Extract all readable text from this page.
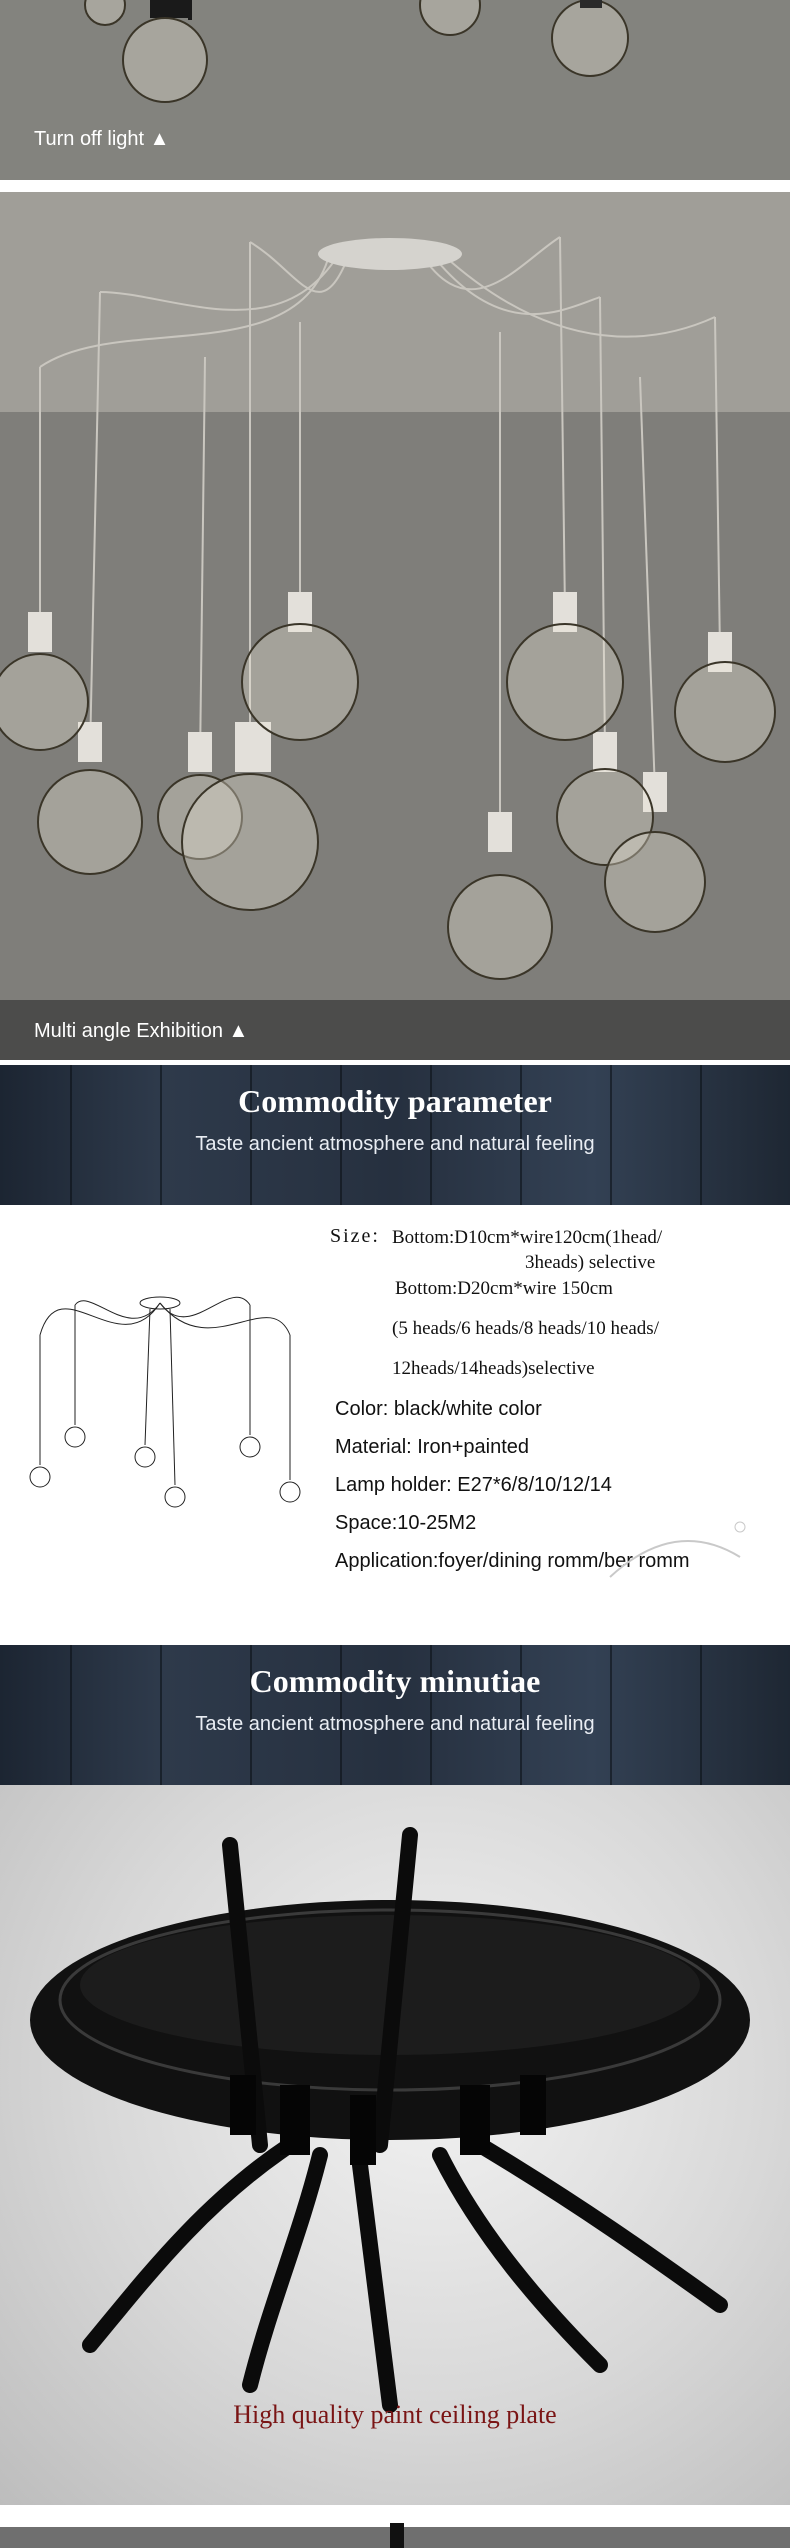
Turn off light ▲
Multi angle Exhibition ▲
Commodity parameter
Taste ancient atmosphere and natural feeling
Size: Bottom:D10cm*wire120cm(1head/
3heads) selective
Bottom:D20cm*wire 150cm
(5 heads/6 heads/8 heads/10 heads/
12heads/14heads)selective
Color: black/white color
Material: Iron+painted
Lamp holder: E27*6/8/10/12/14
Space:10-25M2
Application:foyer/dining romm/ber romm
Commodity minutiae
Taste ancient atmosphere and natural feeling
High quality paint ceiling plate
